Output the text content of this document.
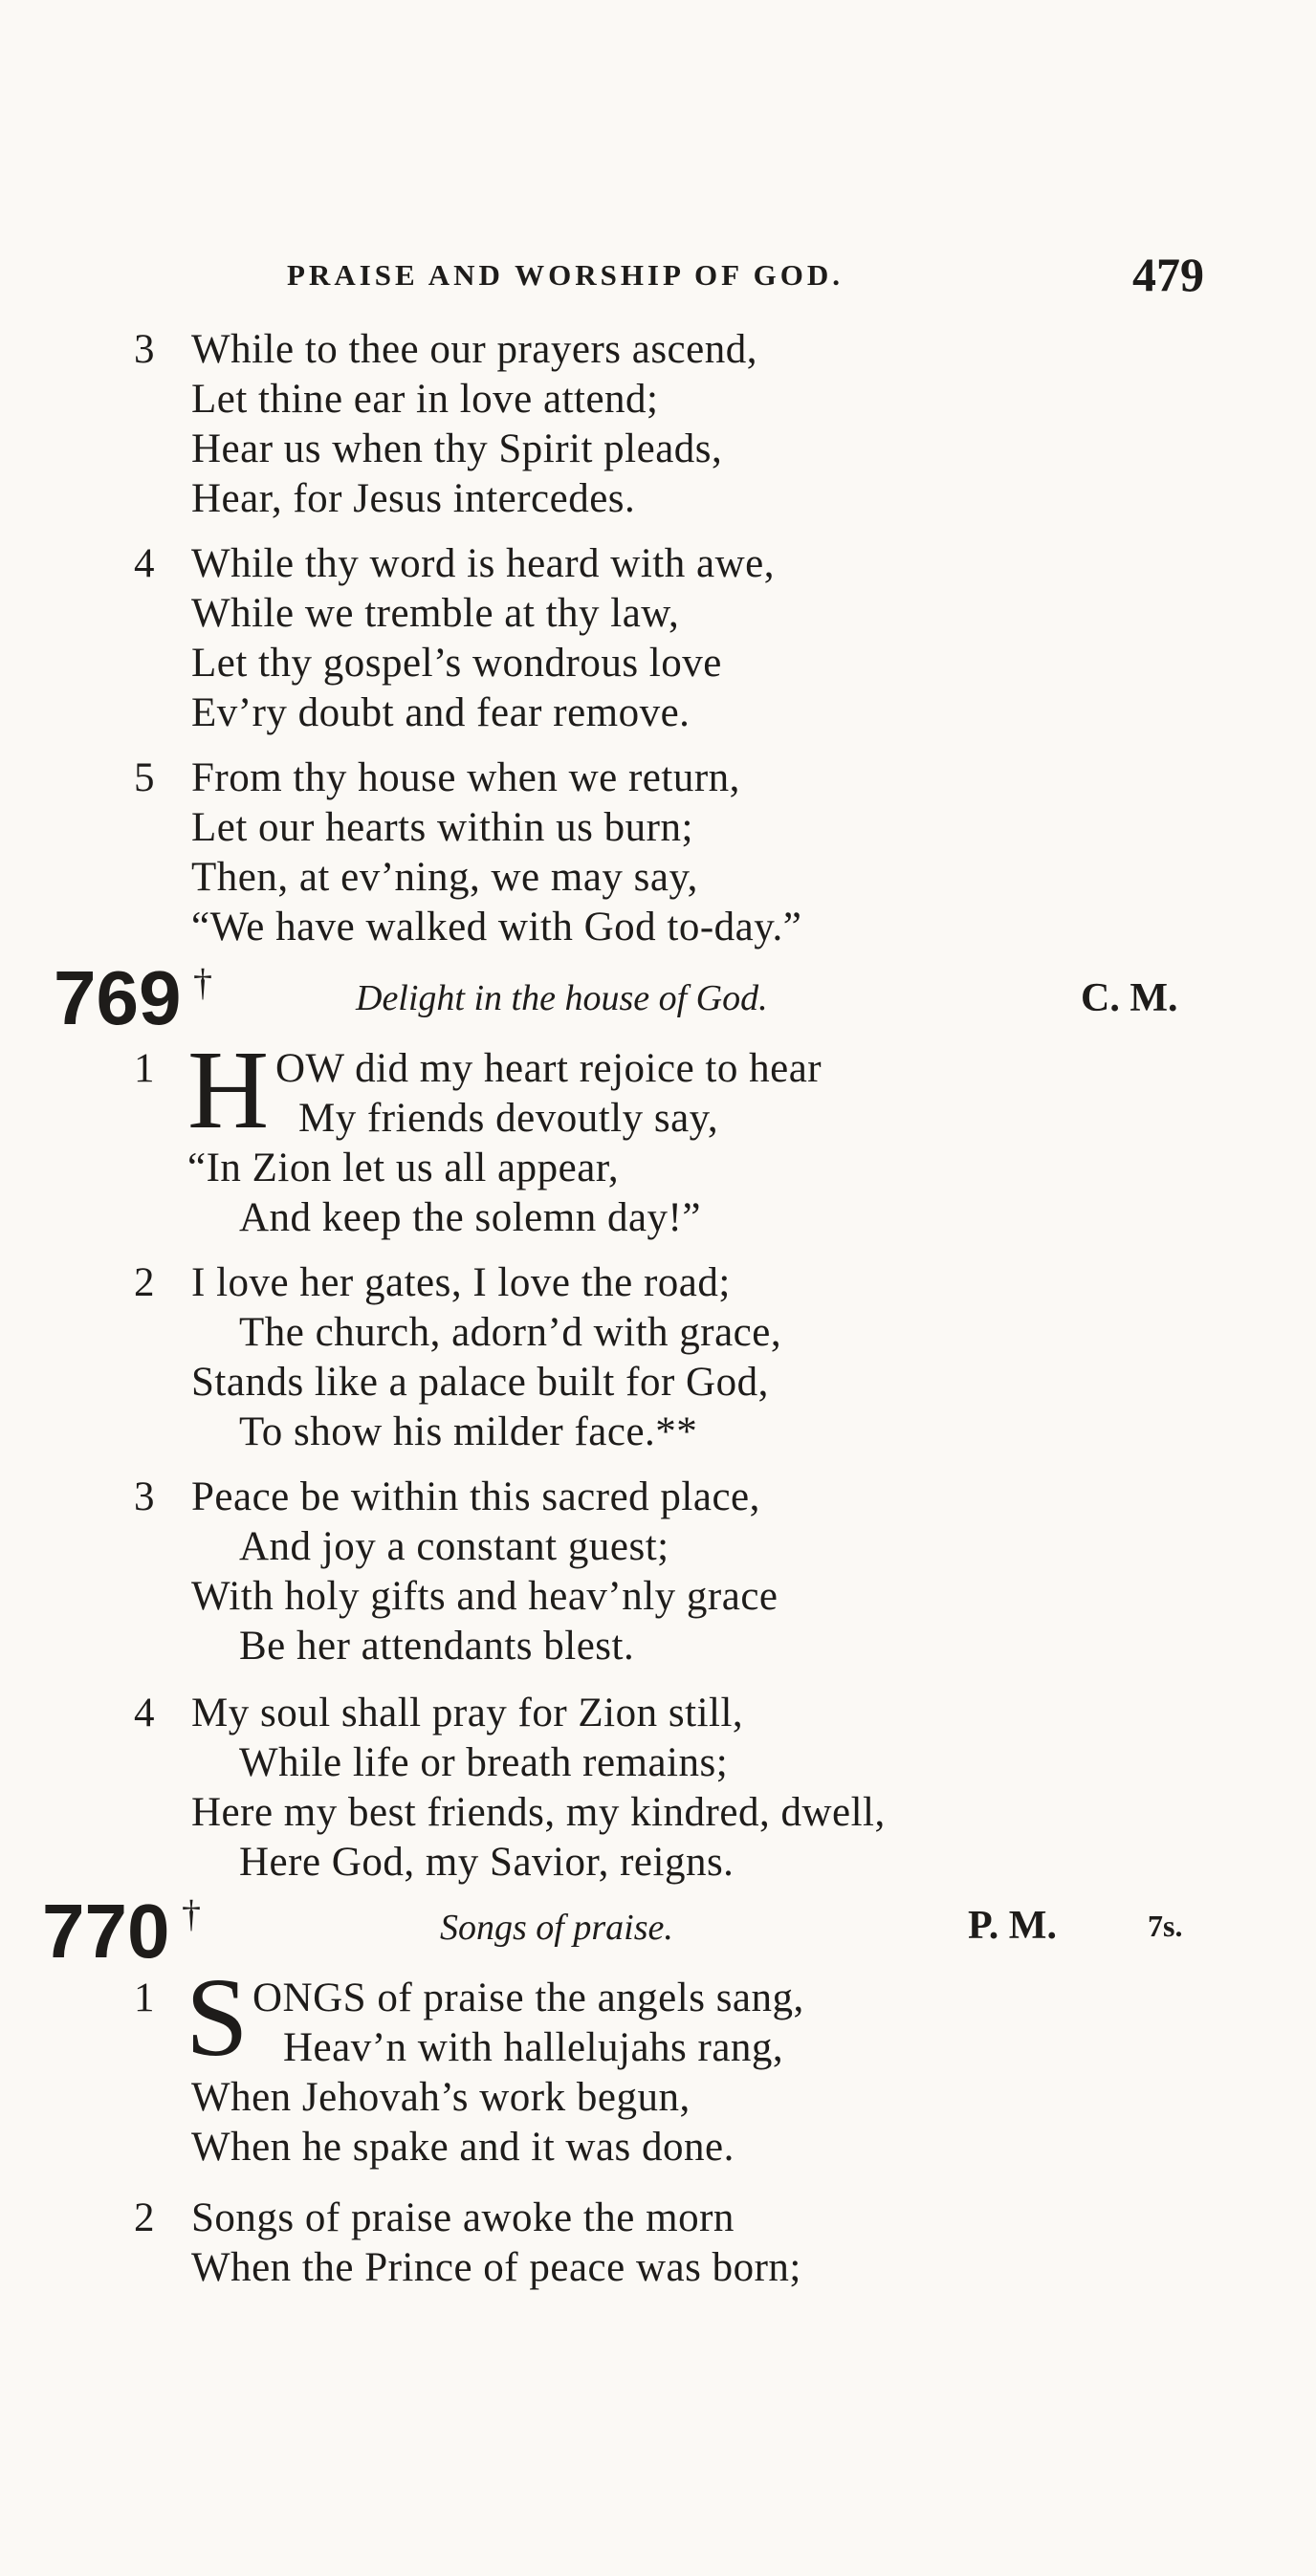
PRAISE AND WORSHIP OF GOD.	479
3 While to thee our prayers ascend,
Let thine ear in love attend;
Hear us when thy Spirit pleads,
Hear, for Jesus intercedes.
4 While thy word is heard with awe,
While we tremble at thy law,
Let thy gospel’s wondrous love
Ev’ry doubt and fear remove.
5 From thy house when we return,
Let our hearts within us burn;
Then, at ev’ning, we may say,
“We have walked with God to-day.”
769 †	Delight in the house of God.	C. M.
1 H OW did my heart rejoice to hear
My friends devoutly say,
“In Zion let us all appear,
And keep the solemn day!”
2 I love her gates, I love the road;
The church, adorn’d with grace,
Stands like a palace built for God,
To show his milder face.**
3 Peace be within this sacred place,
And joy a constant guest;
With holy gifts and heav’nly grace
Be her attendants blest.
4 My soul shall pray for Zion still,
While life or breath remains;
Here my best friends, my kindred, dwell,
Here God, my Savior, reigns.
770 †	Songs of praise.	P. M.	7s.
1 S ONGS of praise the angels sang,
Heav’n with hallelujahs rang,
When Jehovah’s work begun,
When he spake and it was done.
2 Songs of praise awoke the morn
When the Prince of peace was born;
